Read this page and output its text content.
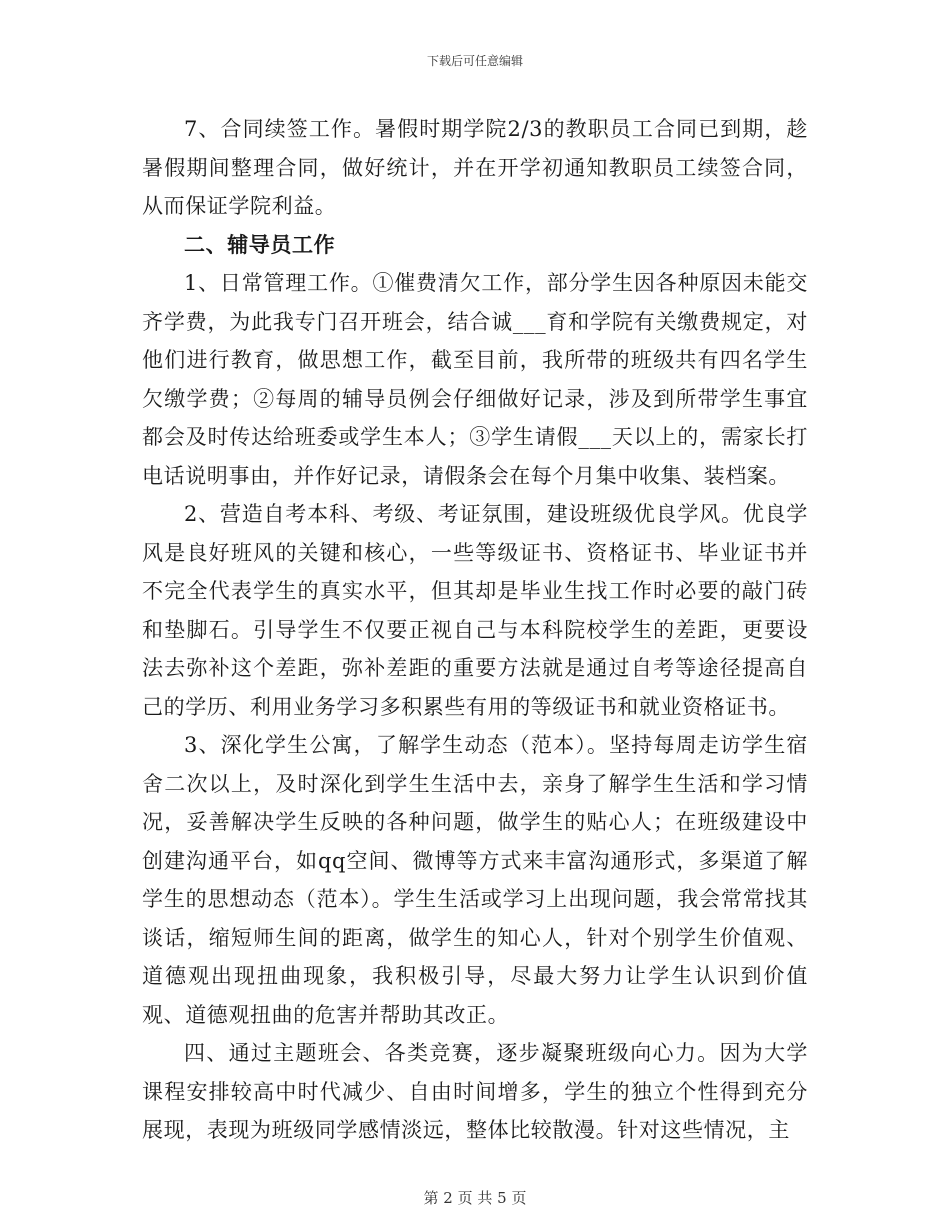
下载后可任意编辑

7、合同续签工作。暑假时期学院2/3的教职员工合同已到期，趁暑假期间整理合同，做好统计，并在开学初通知教职员工续签合同，从而保证学院利益。

二、辅导员工作

1、日常管理工作。①催费清欠工作，部分学生因各种原因未能交齐学费，为此我专门召开班会，结合诚___育和学院有关缴费规定，对他们进行教育，做思想工作，截至目前，我所带的班级共有四名学生欠缴学费；②每周的辅导员例会仔细做好记录，涉及到所带学生事宜都会及时传达给班委或学生本人；③学生请假___天以上的，需家长打电话说明事由，并作好记录，请假条会在每个月集中收集、装档案。

2、营造自考本科、考级、考证氛围，建设班级优良学风。优良学风是良好班风的关键和核心，一些等级证书、资格证书、毕业证书并不完全代表学生的真实水平，但其却是毕业生找工作时必要的敲门砖和垫脚石。引导学生不仅要正视自己与本科院校学生的差距，更要设法去弥补这个差距，弥补差距的重要方法就是通过自考等途径提高自己的学历、利用业务学习多积累些有用的等级证书和就业资格证书。

3、深化学生公寓，了解学生动态（范本）。坚持每周走访学生宿舍二次以上，及时深化到学生生活中去，亲身了解学生生活和学习情况，妥善解决学生反映的各种问题，做学生的贴心人；在班级建设中创建沟通平台，如qq空间、微博等方式来丰富沟通形式，多渠道了解学生的思想动态（范本）。学生生活或学习上出现问题，我会常常找其谈话，缩短师生间的距离，做学生的知心人，针对个别学生价值观、道德观出现扭曲现象，我积极引导，尽最大努力让学生认识到价值观、道德观扭曲的危害并帮助其改正。

四、通过主题班会、各类竞赛，逐步凝聚班级向心力。因为大学课程安排较高中时代减少、自由时间增多，学生的独立个性得到充分展现，表现为班级同学感情淡远，整体比较散漫。针对这些情况，主

第 2 页 共 5 页
